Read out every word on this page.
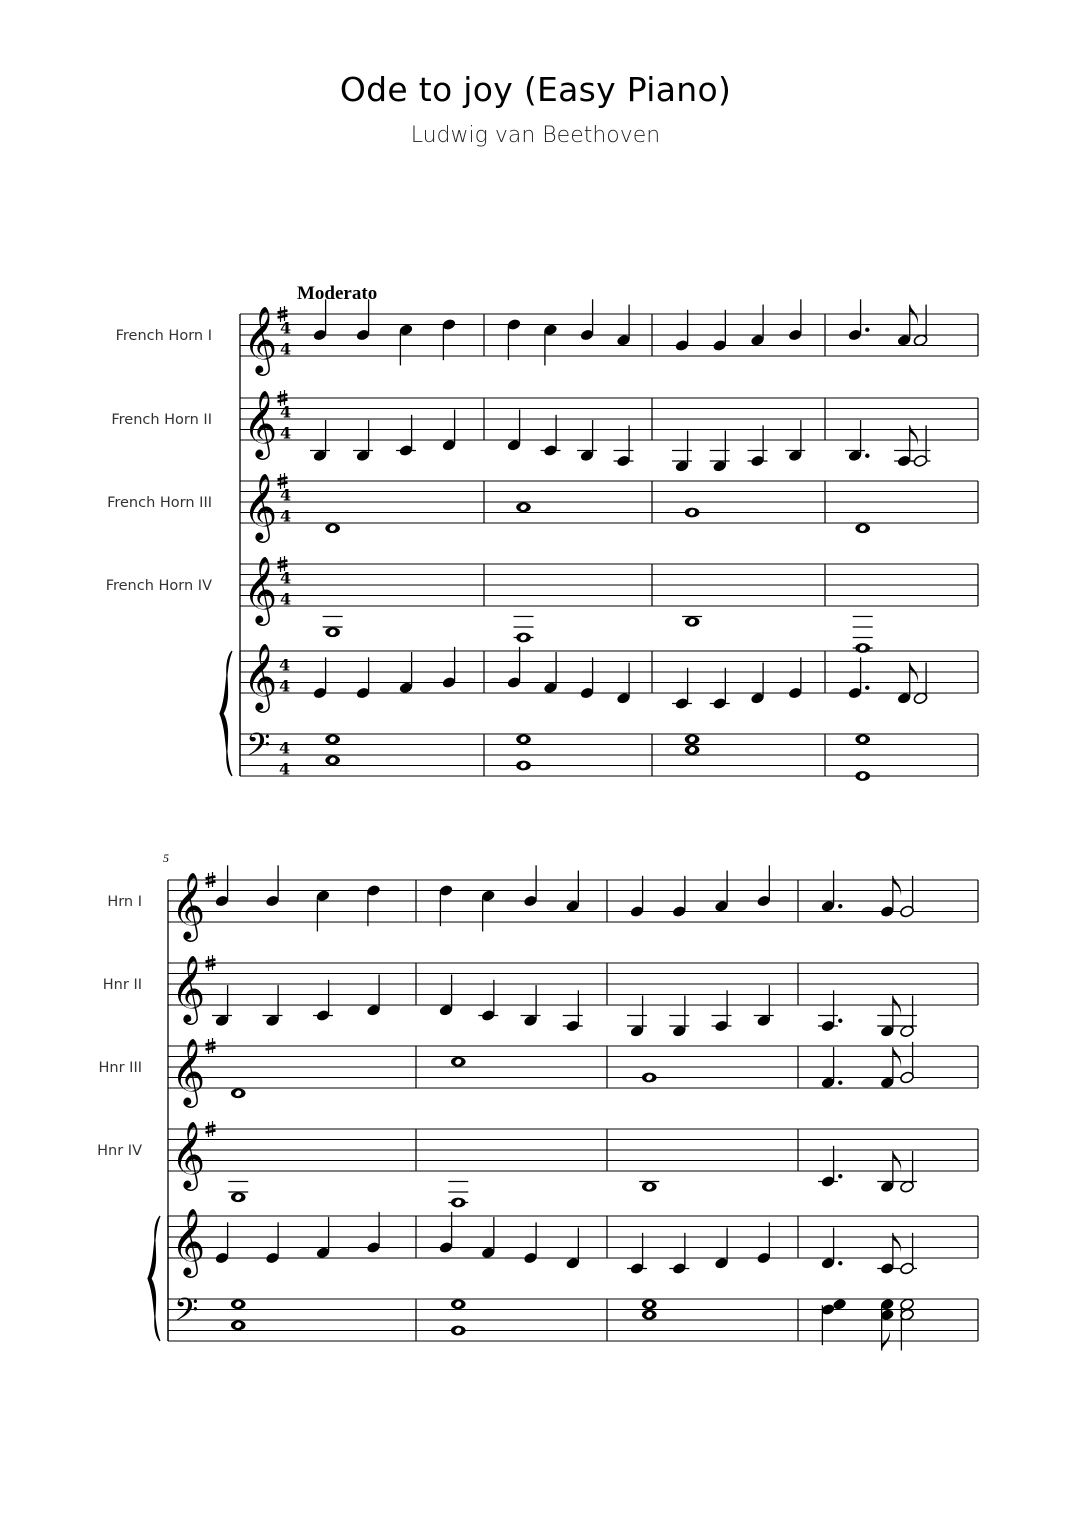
Ode to joy (Easy Piano)
Ludwig van Beethoven
Moderato
French Horn I 𝄞 4
4
French Horn II 𝄞 4
4
French Horn III 𝄞 4
4
French Horn IV 𝄞 4
4
𝄞 4
4
𝄢 4
4
5
Hrn I 𝄞
Hnr II 𝄞
Hnr III 𝄞
Hnr IV 𝄞
𝄞
𝄢
